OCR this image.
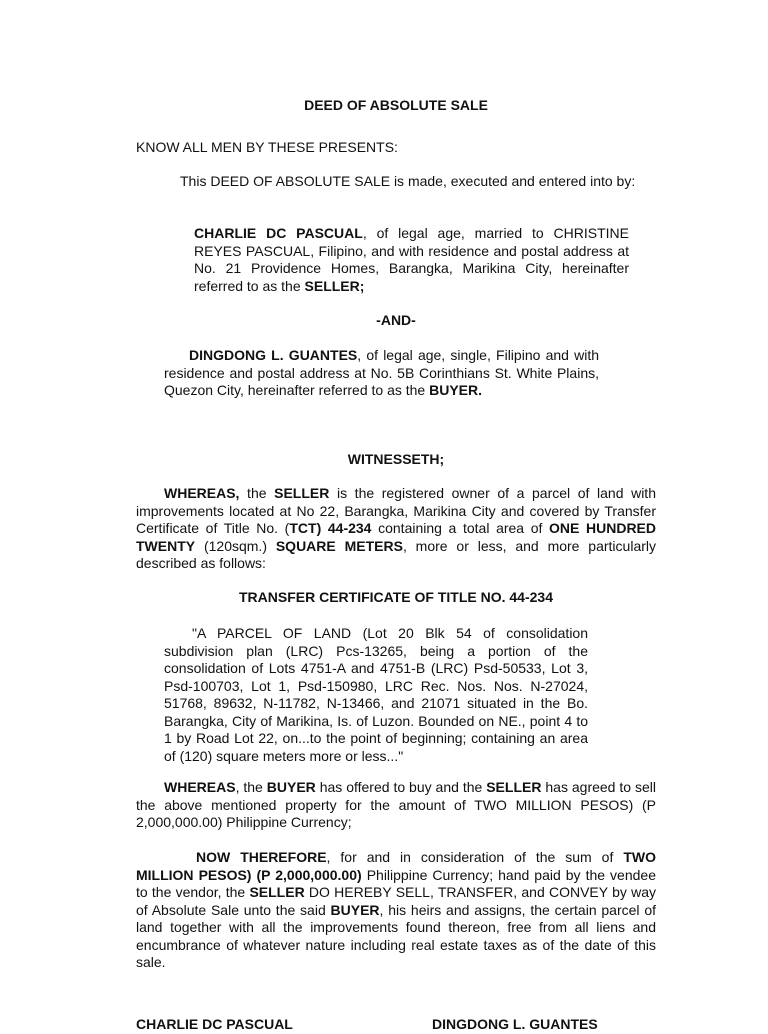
DEED OF ABSOLUTE SALE
KNOW ALL MEN BY THESE PRESENTS:
This DEED OF ABSOLUTE SALE is made, executed and entered into by:
CHARLIE DC PASCUAL, of legal age, married to CHRISTINE REYES PASCUAL, Filipino, and with residence and postal address at No. 21 Providence Homes, Barangka, Marikina City, hereinafter referred to as the SELLER;
-AND-
DINGDONG L. GUANTES, of legal age, single, Filipino and with residence and postal address at No. 5B Corinthians St. White Plains, Quezon City, hereinafter referred to as the BUYER.
WITNESSETH;
WHEREAS, the SELLER is the registered owner of a parcel of land with improvements located at No 22, Barangka, Marikina City and covered by Transfer Certificate of Title No. (TCT) 44-234 containing a total area of ONE HUNDRED TWENTY (120sqm.) SQUARE METERS, more or less, and more particularly described as follows:
TRANSFER CERTIFICATE OF TITLE NO. 44-234
"A PARCEL OF LAND (Lot 20 Blk 54 of consolidation subdivision plan (LRC) Pcs-13265, being a portion of the consolidation of Lots 4751-A and 4751-B (LRC) Psd-50533, Lot 3, Psd-100703, Lot 1, Psd-150980, LRC Rec. Nos. Nos. N-27024, 51768, 89632, N-11782, N-13466, and 21071 situated in the Bo. Barangka, City of Marikina, Is. of Luzon. Bounded on NE., point 4 to 1 by Road Lot 22, on...to the point of beginning; containing an area of (120) square meters more or less..."
WHEREAS, the BUYER has offered to buy and the SELLER has agreed to sell the above mentioned property for the amount of TWO MILLION PESOS) (P 2,000,000.00) Philippine Currency;
NOW THEREFORE, for and in consideration of the sum of TWO MILLION PESOS) (P 2,000,000.00) Philippine Currency; hand paid by the vendee to the vendor, the SELLER DO HEREBY SELL, TRANSFER, and CONVEY by way of Absolute Sale unto the said BUYER, his heirs and assigns, the certain parcel of land together with all the improvements found thereon, free from all liens and encumbrance of whatever nature including real estate taxes as of the date of this sale.
CHARLIE DC PASCUAL	DINGDONG L. GUANTES
